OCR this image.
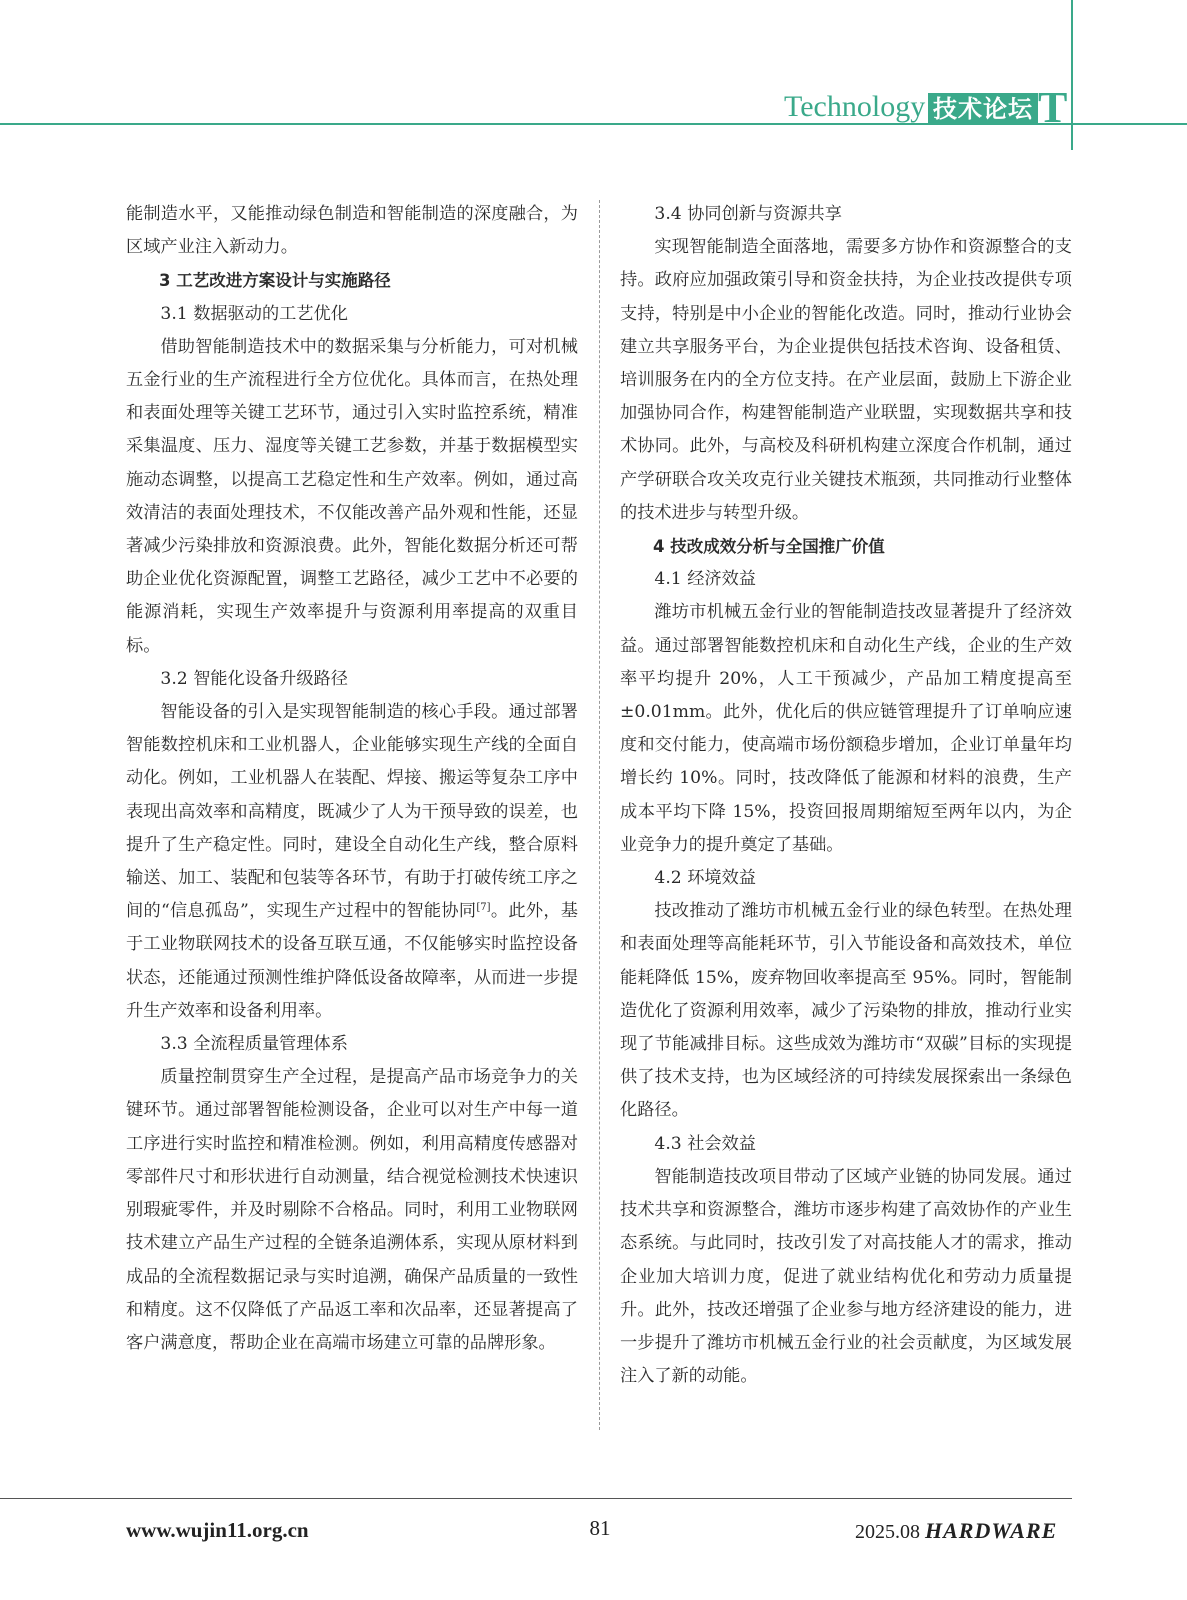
Technology 技术论坛 T

能制造水平，又能推动绿色制造和智能制造的深度融合，为区域产业注入新动力。

3 工艺改进方案设计与实施路径
3.1 数据驱动的工艺优化

借助智能制造技术中的数据采集与分析能力，可对机械五金行业的生产流程进行全方位优化。具体而言，在热处理和表面处理等关键工艺环节，通过引入实时监控系统，精准采集温度、压力、湿度等关键工艺参数，并基于数据模型实施动态调整，以提高工艺稳定性和生产效率。例如，通过高效清洁的表面处理技术，不仅能改善产品外观和性能，还显著减少污染排放和资源浪费。此外，智能化数据分析还可帮助企业优化资源配置，调整工艺路径，减少工艺中不必要的能源消耗，实现生产效率提升与资源利用率提高的双重目标。

3.2 智能化设备升级路径

智能设备的引入是实现智能制造的核心手段。通过部署智能数控机床和工业机器人，企业能够实现生产线的全面自动化。例如，工业机器人在装配、焊接、搬运等复杂工序中表现出高效率和高精度，既减少了人为干预导致的误差，也提升了生产稳定性。同时，建设全自动化生产线，整合原料输送、加工、装配和包装等各环节，有助于打破传统工序之间的“信息孤岛”，实现生产过程中的智能协同[7]。此外，基于工业物联网技术的设备互联互通，不仅能够实时监控设备状态，还能通过预测性维护降低设备故障率，从而进一步提升生产效率和设备利用率。

3.3 全流程质量管理体系

质量控制贯穿生产全过程，是提高产品市场竞争力的关键环节。通过部署智能检测设备，企业可以对生产中每一道工序进行实时监控和精准检测。例如，利用高精度传感器对零部件尺寸和形状进行自动测量，结合视觉检测技术快速识别瑕疵零件，并及时剔除不合格品。同时，利用工业物联网技术建立产品生产过程的全链条追溯体系，实现从原材料到成品的全流程数据记录与实时追溯，确保产品质量的一致性和精度。这不仅降低了产品返工率和次品率，还显著提高了客户满意度，帮助企业在高端市场建立可靠的品牌形象。

3.4 协同创新与资源共享

实现智能制造全面落地，需要多方协作和资源整合的支持。政府应加强政策引导和资金扶持，为企业技改提供专项支持，特别是中小企业的智能化改造。同时，推动行业协会建立共享服务平台，为企业提供包括技术咨询、设备租赁、培训服务在内的全方位支持。在产业层面，鼓励上下游企业加强协同合作，构建智能制造产业联盟，实现数据共享和技术协同。此外，与高校及科研机构建立深度合作机制，通过产学研联合攻关攻克行业关键技术瓶颈，共同推动行业整体的技术进步与转型升级。

4 技改成效分析与全国推广价值
4.1 经济效益

潍坊市机械五金行业的智能制造技改显著提升了经济效益。通过部署智能数控机床和自动化生产线，企业的生产效率平均提升 20%，人工干预减少，产品加工精度提高至 ±0.01mm。此外，优化后的供应链管理提升了订单响应速度和交付能力，使高端市场份额稳步增加，企业订单量年均增长约 10%。同时，技改降低了能源和材料的浪费，生产成本平均下降 15%，投资回报周期缩短至两年以内，为企业竞争力的提升奠定了基础。

4.2 环境效益

技改推动了潍坊市机械五金行业的绿色转型。在热处理和表面处理等高能耗环节，引入节能设备和高效技术，单位能耗降低 15%，废弃物回收率提高至 95%。同时，智能制造优化了资源利用效率，减少了污染物的排放，推动行业实现了节能减排目标。这些成效为潍坊市“双碳”目标的实现提供了技术支持，也为区域经济的可持续发展探索出一条绿色化路径。

4.3 社会效益

智能制造技改项目带动了区域产业链的协同发展。通过技术共享和资源整合，潍坊市逐步构建了高效协作的产业生态系统。与此同时，技改引发了对高技能人才的需求，推动企业加大培训力度，促进了就业结构优化和劳动力质量提升。此外，技改还增强了企业参与地方经济建设的能力，进一步提升了潍坊市机械五金行业的社会贡献度，为区域发展注入了新的动能。

www.wujin11.org.cn	81	2025.08 HARDWARE
